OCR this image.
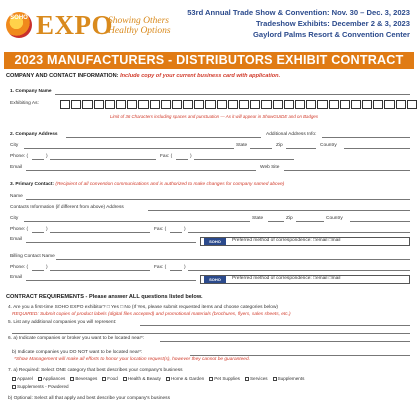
SOHO EXPO
Showing Others Healthy Options
53rd Annual Trade Show & Convention: Nov. 30 – Dec. 3, 2023
Tradeshow Exhibits: December 2 & 3, 2023
Gaylord Palms Resort & Convention Center
2023 MANUFACTURERS - DISTRIBUTORS EXHIBIT CONTRACT
COMPANY AND CONTACT INFORMATION: Include copy of your current business card with application.
1. Company Name
Exhibiting As:
Limit of 36 Characters including spaces and punctuation — As it will appear in ShowGUIDE and on Badges
2. Company Address	Additional Address Info:
City	State	Zip	Country
Phone: (	)	Fax: (	)
Email	Web Site
3. Primary Contact: (Recipient of all convention communications and is authorized to make changes for company named above)
Name
Contacts Information (if different from above) Address
City	State	Zip	Country
Phone: (	)	Fax: (	)
Email	SOHO EXPO
Preferred method of correspondence: □email □mail
Billing Contact Name
Phone: (	)	Fax: (	)
Email	SOHO EXPO
Preferred method of correspondence: □email □mail
CONTRACT REQUIREMENTS - Please answer ALL questions listed below.
4. Are you a first-time SOHO EXPO exhibitor? □ Yes □ No (If Yes, please submit requested items and choose categories below)
REQUIRED: Submit copies of product labels (digital files accepted) and promotional materials (brochures, flyers, sales sheets, etc.)
5. List any additional companies you will represent:
6. a) Indicate companies or broker you want to be located near*:
b) Indicate companies you DO NOT want to be located near*:
*Show Management will make all efforts to honor your location request(s), however they cannot be guaranteed.
7. a) Required: Select ONE category that best describes your company's business
Apparel Appliances Beverages Food Health & Beauty Home & Garden Pet Supplies Services Supplements
Supplements - Powdered
b) Optional: Select all that apply and best describe your company's business
